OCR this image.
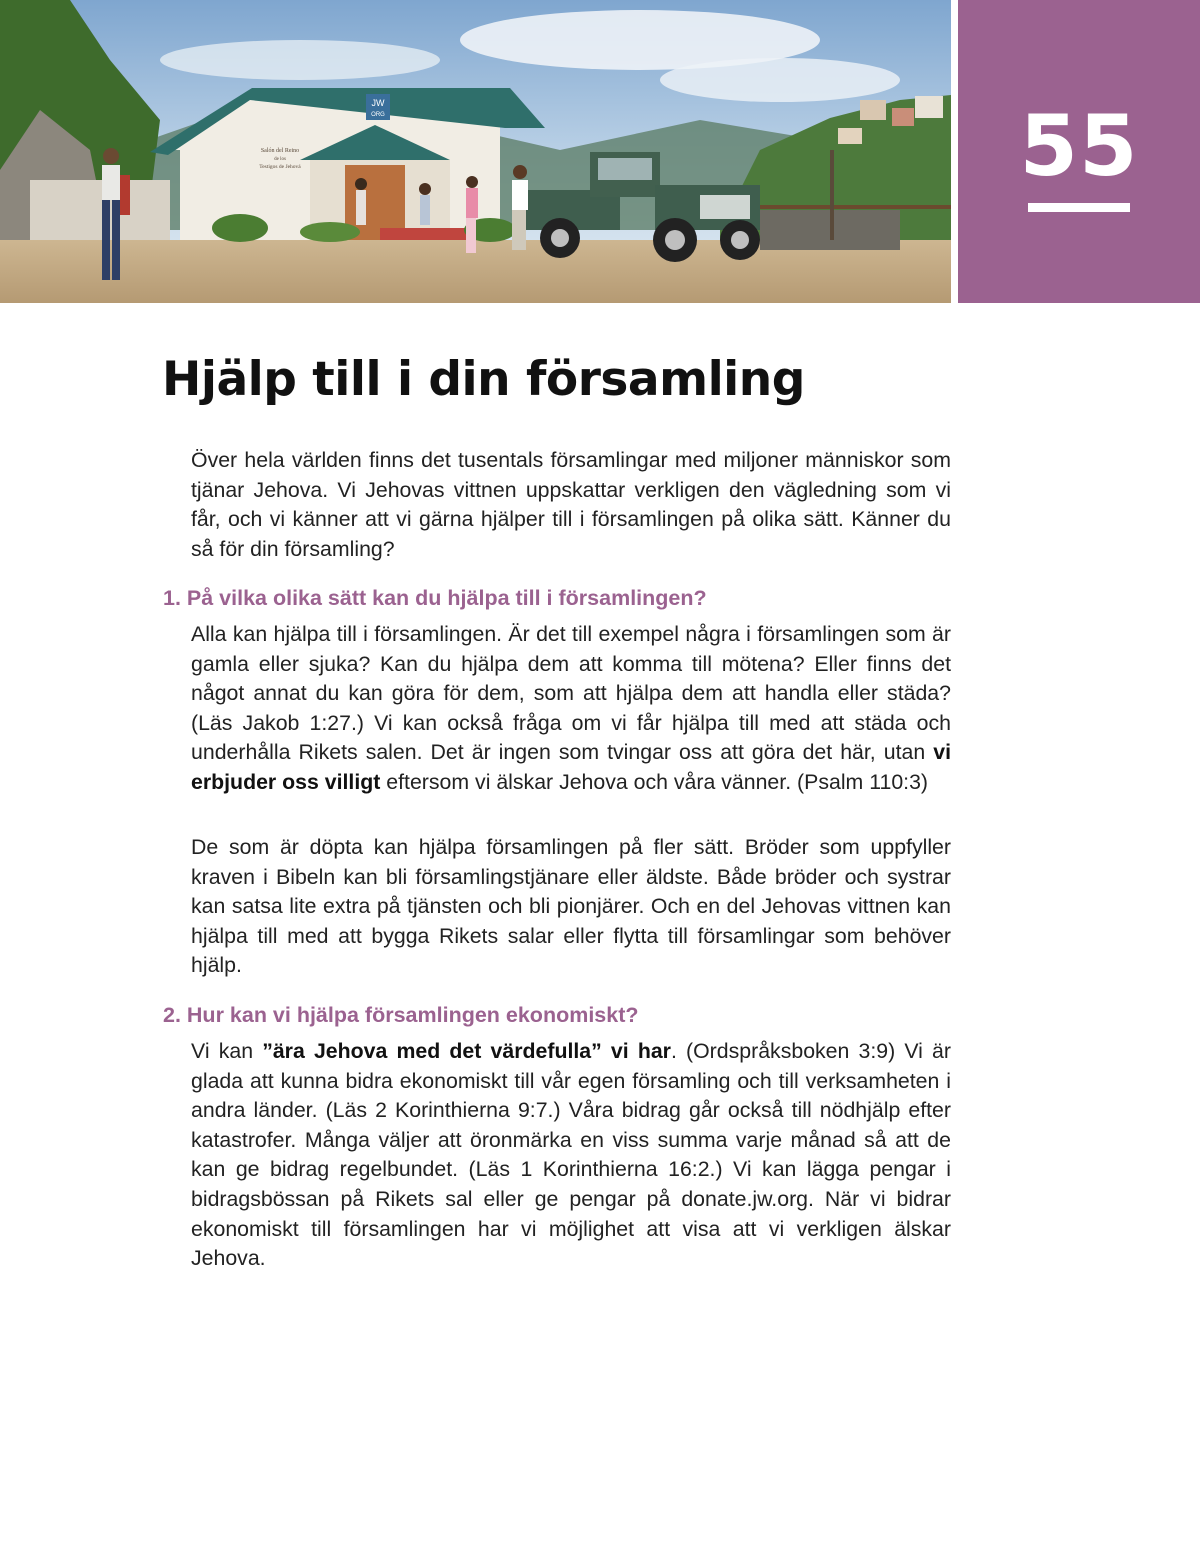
JW
ORG
Salón del Reino
de los
Testigos de Jehová	55
Hjälp till i din församling

Över hela världen finns det tusentals församlingar med miljoner människor som tjänar Jehova. Vi Jehovas vittnen uppskattar verkligen den vägledning som vi får, och vi känner att vi gärna hjälper till i församlingen på olika sätt. Känner du så för din församling?

1. På vilka olika sätt kan du hjälpa till i församlingen?

Alla kan hjälpa till i församlingen. Är det till exempel några i församlingen som är gamla eller sjuka? Kan du hjälpa dem att komma till mötena? Eller finns det något annat du kan göra för dem, som att hjälpa dem att handla eller städa? (Läs Jakob 1:27.) Vi kan också fråga om vi får hjälpa till med att städa och underhålla Rikets salen. Det är ingen som tvingar oss att göra det här, utan vi erbjuder oss villigt eftersom vi älskar Jehova och våra vänner. (Psalm 110:3)

De som är döpta kan hjälpa församlingen på fler sätt. Bröder som uppfyller kraven i Bibeln kan bli församlingstjänare eller äldste. Både bröder och systrar kan satsa lite extra på tjänsten och bli pionjärer. Och en del Jehovas vittnen kan hjälpa till med att bygga Rikets salar eller flytta till församlingar som behöver hjälp.

2. Hur kan vi hjälpa församlingen ekonomiskt?

Vi kan ”ära Jehova med det värdefulla” vi har. (Ordspråksboken 3:9) Vi är glada att kunna bidra ekonomiskt till vår egen församling och till verksamheten i andra länder. (Läs 2 Korinthierna 9:7.) Våra bidrag går också till nödhjälp efter katastrofer. Många väljer att öronmärka en viss summa varje månad så att de kan ge bidrag regelbundet. (Läs 1 Korinthierna 16:2.) Vi kan lägga pengar i bidragsbössan på Rikets sal eller ge pengar på donate.jw.org. När vi bidrar ekonomiskt till församlingen har vi möjlighet att visa att vi verkligen älskar Jehova.
